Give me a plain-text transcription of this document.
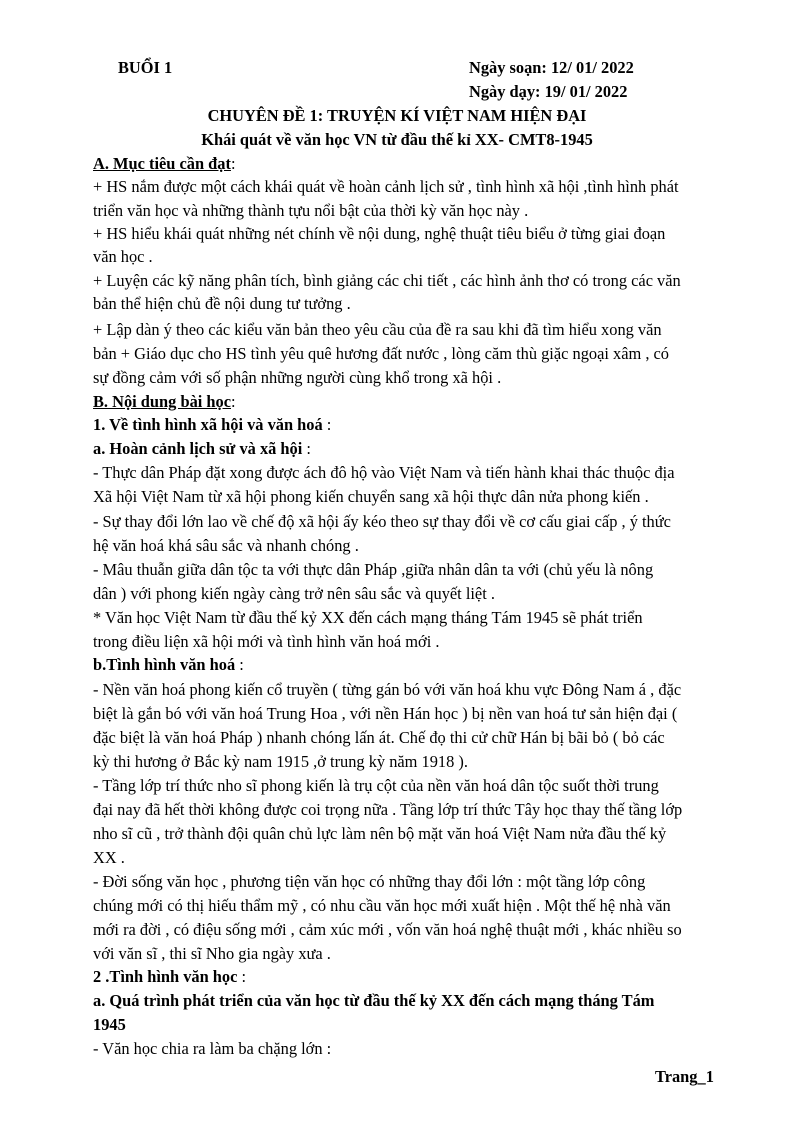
BUỔI 1	Ngày soạn: 12/ 01/ 2022
Ngày dạy: 19/ 01/ 2022
CHUYÊN ĐỀ 1: TRUYỆN KÍ VIỆT NAM HIỆN ĐẠI
Khái quát về văn học VN từ đầu thế kỉ XX- CMT8-1945
A. Mục tiêu cần đạt:
+ HS nắm được một cách khái quát về hoàn cảnh lịch sử , tình hình xã hội ,tình hình phát
triển văn học và những thành tựu nổi bật của thời kỳ văn học này .
+ HS hiểu khái quát những nét chính về nội dung, nghệ thuật tiêu biểu ở từng giai đoạn
văn học .
+ Luyện các kỹ năng phân tích, bình giảng các chi tiết , các hình ảnh thơ có trong các văn
bản thể hiện chủ đề nội dung tư tưởng .
+ Lập dàn ý theo các kiểu văn bản theo yêu cầu của đề ra sau khi đã tìm hiểu xong văn
bản + Giáo dục cho HS tình yêu quê hương đất nước , lòng căm thù giặc ngoại xâm , có
sự đồng cảm với số phận những người cùng khổ trong xã hội .
B. Nội dung bài học:
1. Về tình hình xã hội và văn hoá :
a. Hoàn cảnh lịch sử và xã hội :
- Thực dân Pháp đặt xong được ách đô hộ vào Việt Nam và tiến hành khai thác thuộc địa
Xã hội Việt Nam từ xã hội phong kiến chuyển sang xã hội thực dân nửa phong kiến .
- Sự thay đổi lớn lao về chế độ xã hội ấy kéo theo sự thay đổi về cơ cấu giai cấp , ý thức
hệ văn hoá khá sâu sắc và nhanh chóng .
- Mâu thuẫn giữa dân tộc ta với thực dân Pháp ,giữa nhân dân ta với (chủ yếu là nông
dân ) với phong kiến ngày càng trở nên sâu sắc và quyết liệt .
* Văn học Việt Nam từ đầu thế kỷ XX đến cách mạng tháng Tám 1945 sẽ phát triển
trong điều liện xã hội mới và tình hình văn hoá mới .
b.Tình hình văn hoá :
- Nền văn hoá phong kiến cổ truyền ( từng gán bó với văn hoá khu vực Đông Nam á , đặc
biệt là gắn bó với văn hoá Trung Hoa , với nền Hán học ) bị nền van hoá tư sản hiện đại (
đặc biệt là văn hoá Pháp ) nhanh chóng lấn át. Chế đọ thi cử chữ Hán bị bãi bỏ ( bỏ các
kỳ thi hương ở Bắc kỳ nam 1915 ,ở trung kỳ năm 1918 ).
- Tầng lớp trí thức nho sĩ phong kiến là trụ cột của nền văn hoá dân tộc suốt thời trung
đại nay đã hết thời không được coi trọng nữa . Tầng lớp trí thức Tây học thay thế tầng lớp
nho sĩ cũ , trở thành đội quân chủ lực làm nên bộ mặt văn hoá Việt Nam nửa đầu thế kỷ
XX .
- Đời sống văn học , phương tiện văn học có những thay đổi lớn : một tầng lớp công
chúng mới có thị hiếu thẩm mỹ , có nhu cầu văn học mới xuất hiện . Một thế hệ nhà văn
mới ra đời , có điệu sống mới , cảm xúc mới , vốn văn hoá nghệ thuật mới , khác nhiều so
với văn sĩ , thi sĩ Nho gia ngày xưa .
2 .Tình hình văn học :
a. Quá trình phát triển của văn học từ đầu thế kỷ XX đến cách mạng tháng Tám
1945
- Văn học chia ra làm ba chặng lớn :
Trang_1
